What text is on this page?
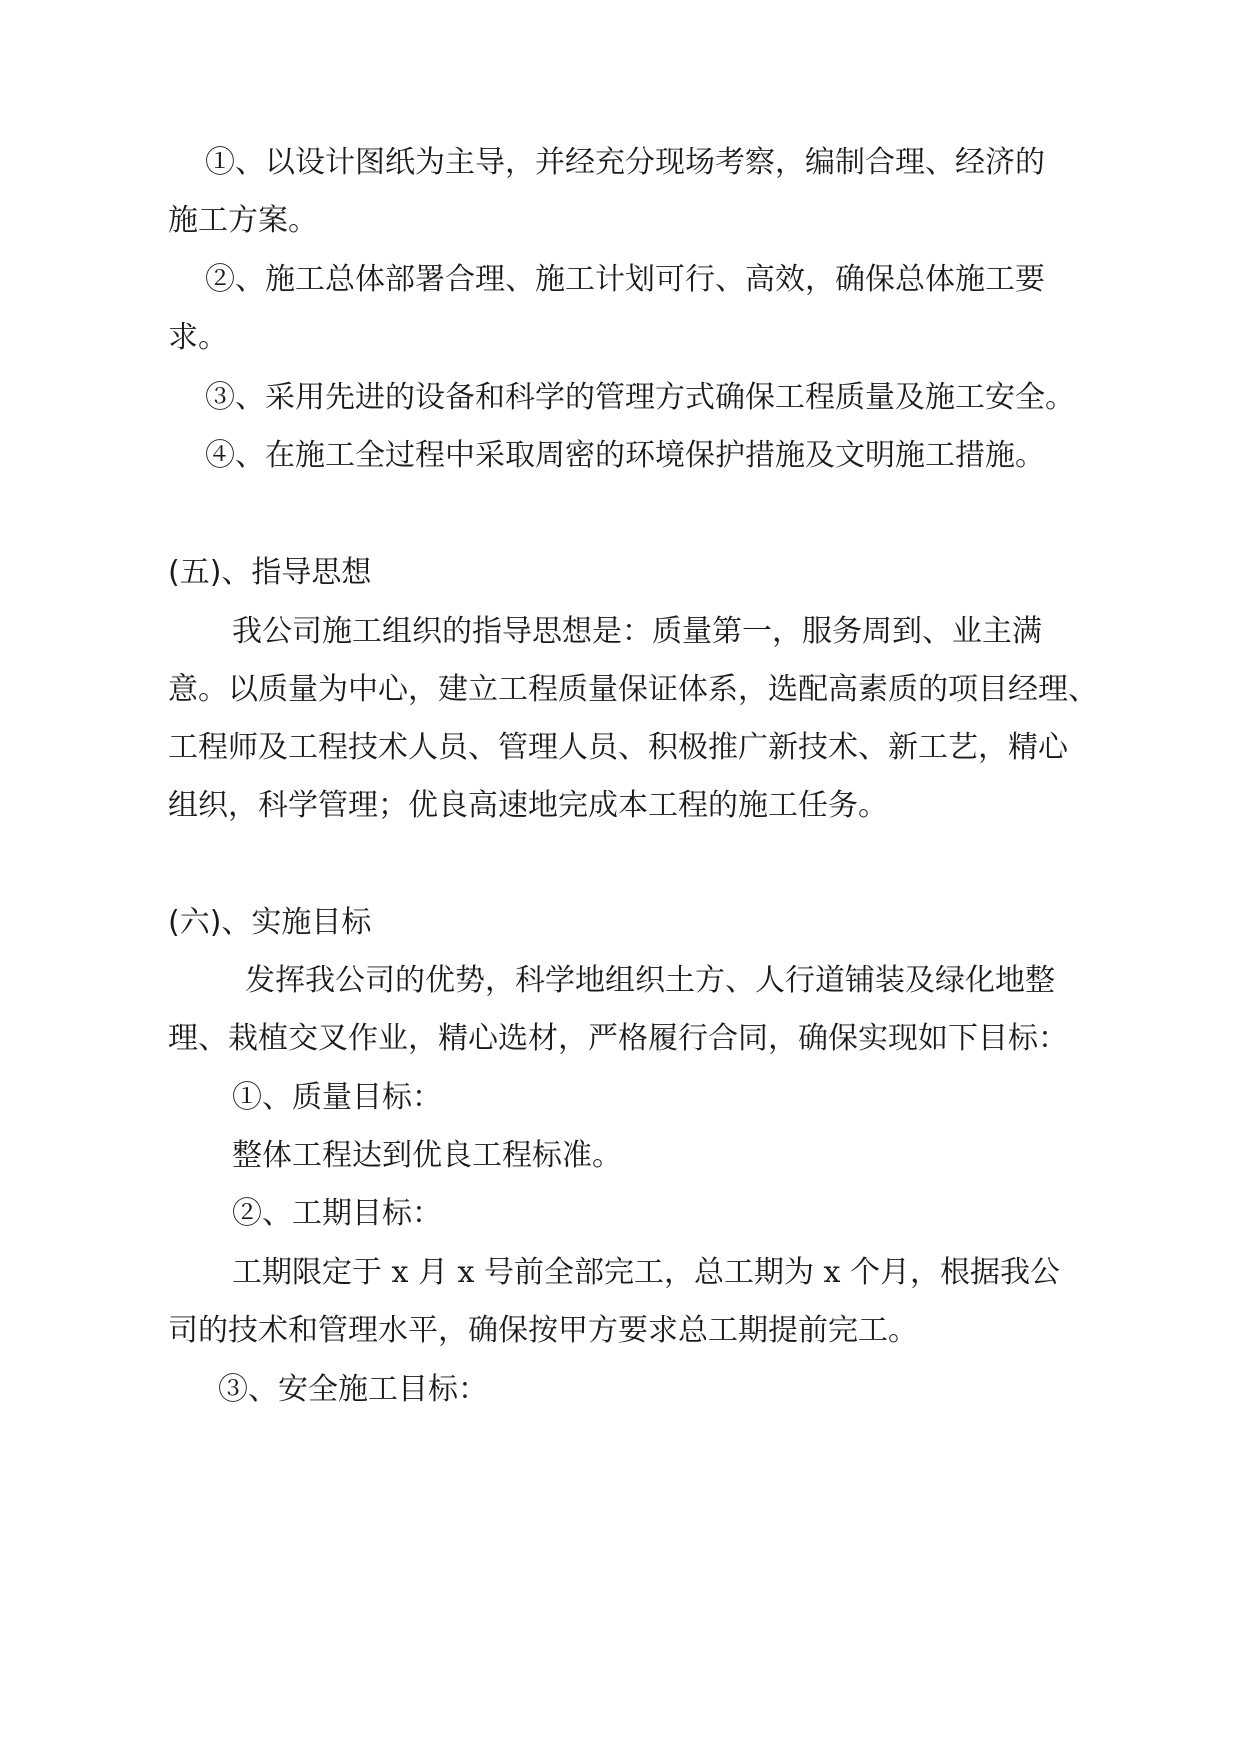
①、以设计图纸为主导，并经充分现场考察，编制合理、经济的
施工方案。
②、施工总体部署合理、施工计划可行、高效，确保总体施工要
求。
③、采用先进的设备和科学的管理方式确保工程质量及施工安全。
④、在施工全过程中采取周密的环境保护措施及文明施工措施。
(五)、指导思想
我公司施工组织的指导思想是：质量第一，服务周到、业主满
意。以质量为中心，建立工程质量保证体系，选配高素质的项目经理、
工程师及工程技术人员、管理人员、积极推广新技术、新工艺，精心
组织，科学管理；优良高速地完成本工程的施工任务。
(六)、实施目标
发挥我公司的优势，科学地组织土方、人行道铺装及绿化地整
理、栽植交叉作业，精心选材，严格履行合同，确保实现如下目标：
①、质量目标：
整体工程达到优良工程标准。
②、工期目标：
工期限定于 x 月 x 号前全部完工，总工期为 x 个月，根据我公
司的技术和管理水平，确保按甲方要求总工期提前完工。
③、安全施工目标：
